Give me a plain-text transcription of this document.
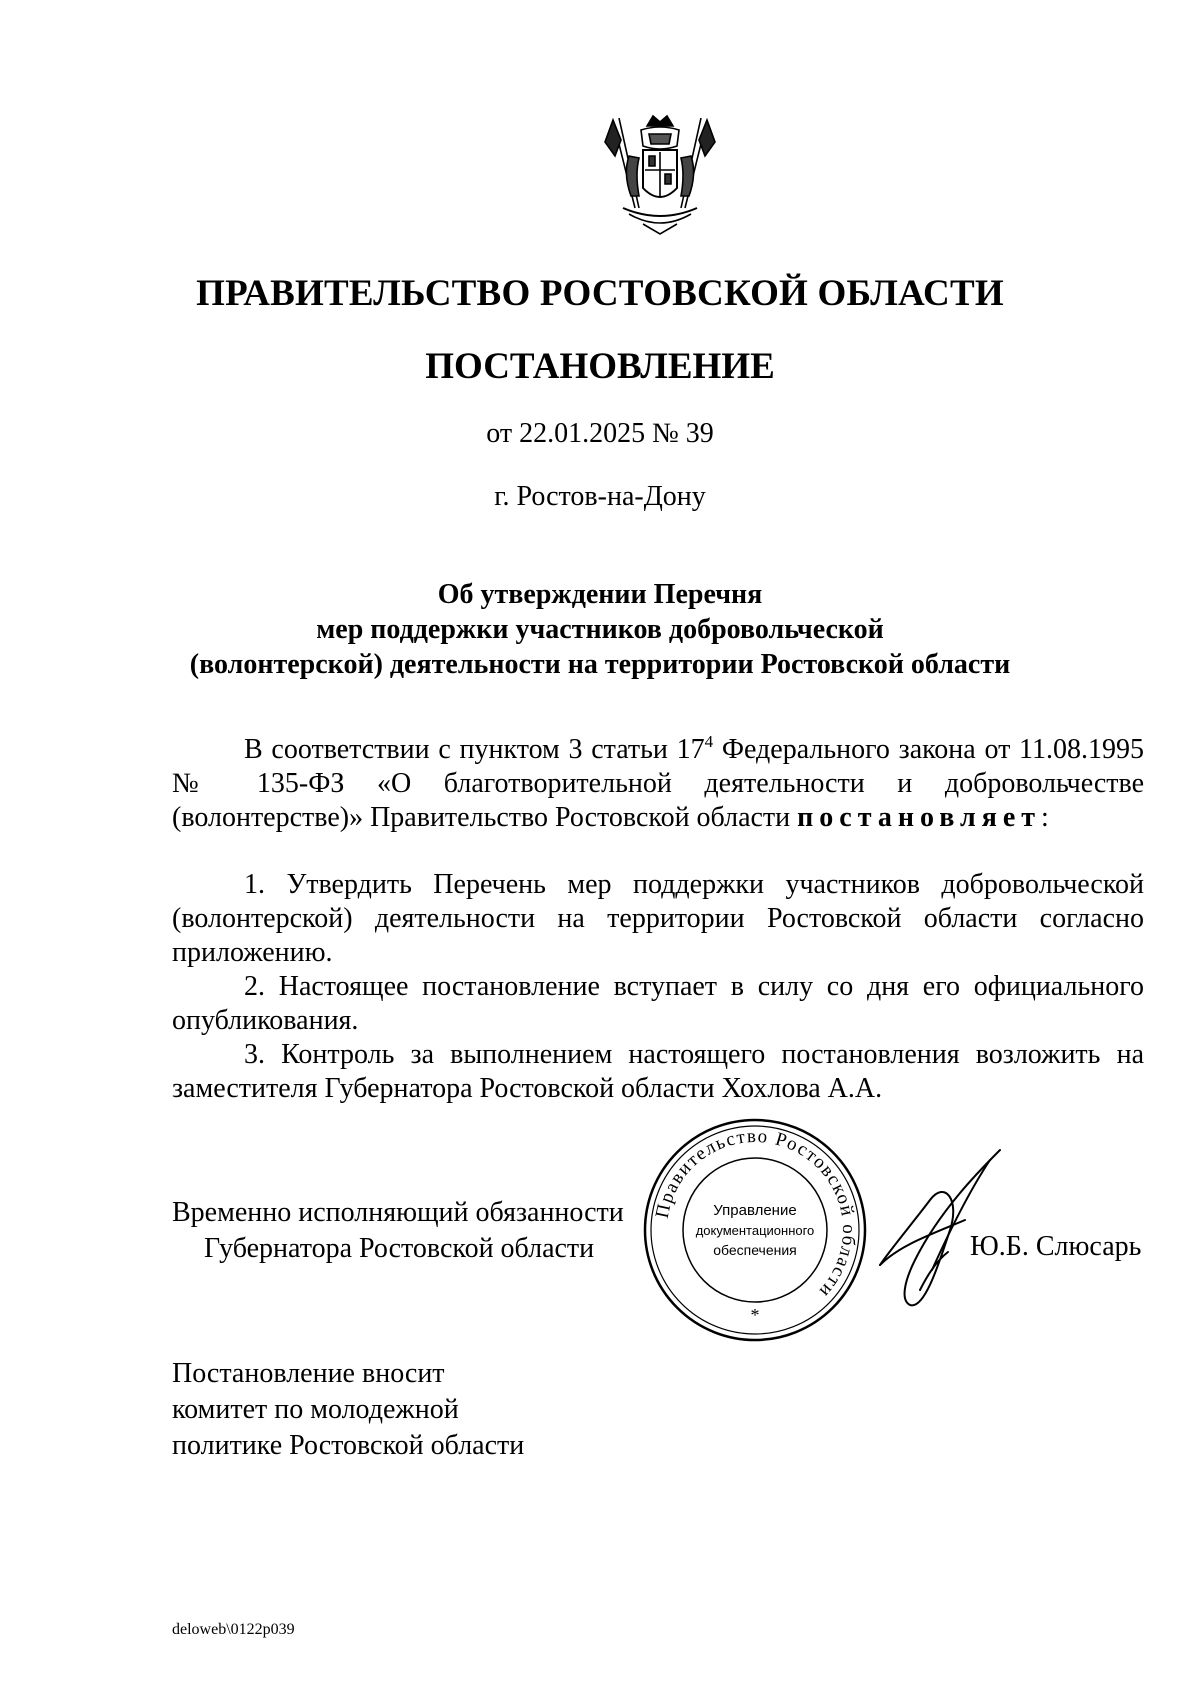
ПРАВИТЕЛЬСТВО РОСТОВСКОЙ ОБЛАСТИ
ПОСТАНОВЛЕНИЕ
от 22.01.2025 № 39
г. Ростов-на-Дону
Об утверждении Перечня
мер поддержки участников добровольческой
(волонтерской) деятельности на территории Ростовской области

В соответствии с пунктом 3 статьи $17^4$ Федерального закона от 11.08.1995 № 135-ФЗ «О благотворительной деятельности и добровольчестве (волонтерстве)» Правительство Ростовской области постановляет:

1. Утвердить Перечень мер поддержки участников добровольческой (волонтерской) деятельности на территории Ростовской области согласно приложению.

2. Настоящее постановление вступает в силу со дня его официального опубликования.

3. Контроль за выполнением настоящего постановления возложить на заместителя Губернатора Ростовской области Хохлова А.А.

Временно исполняющий обязанности
Губернатора Ростовской области
Правительство Ростовской области
Управление
документационного
обеспечения
*
Ю.Б. Слюсарь
Постановление вносит
комитет по молодежной
политике Ростовской области
deloweb\0122p039
